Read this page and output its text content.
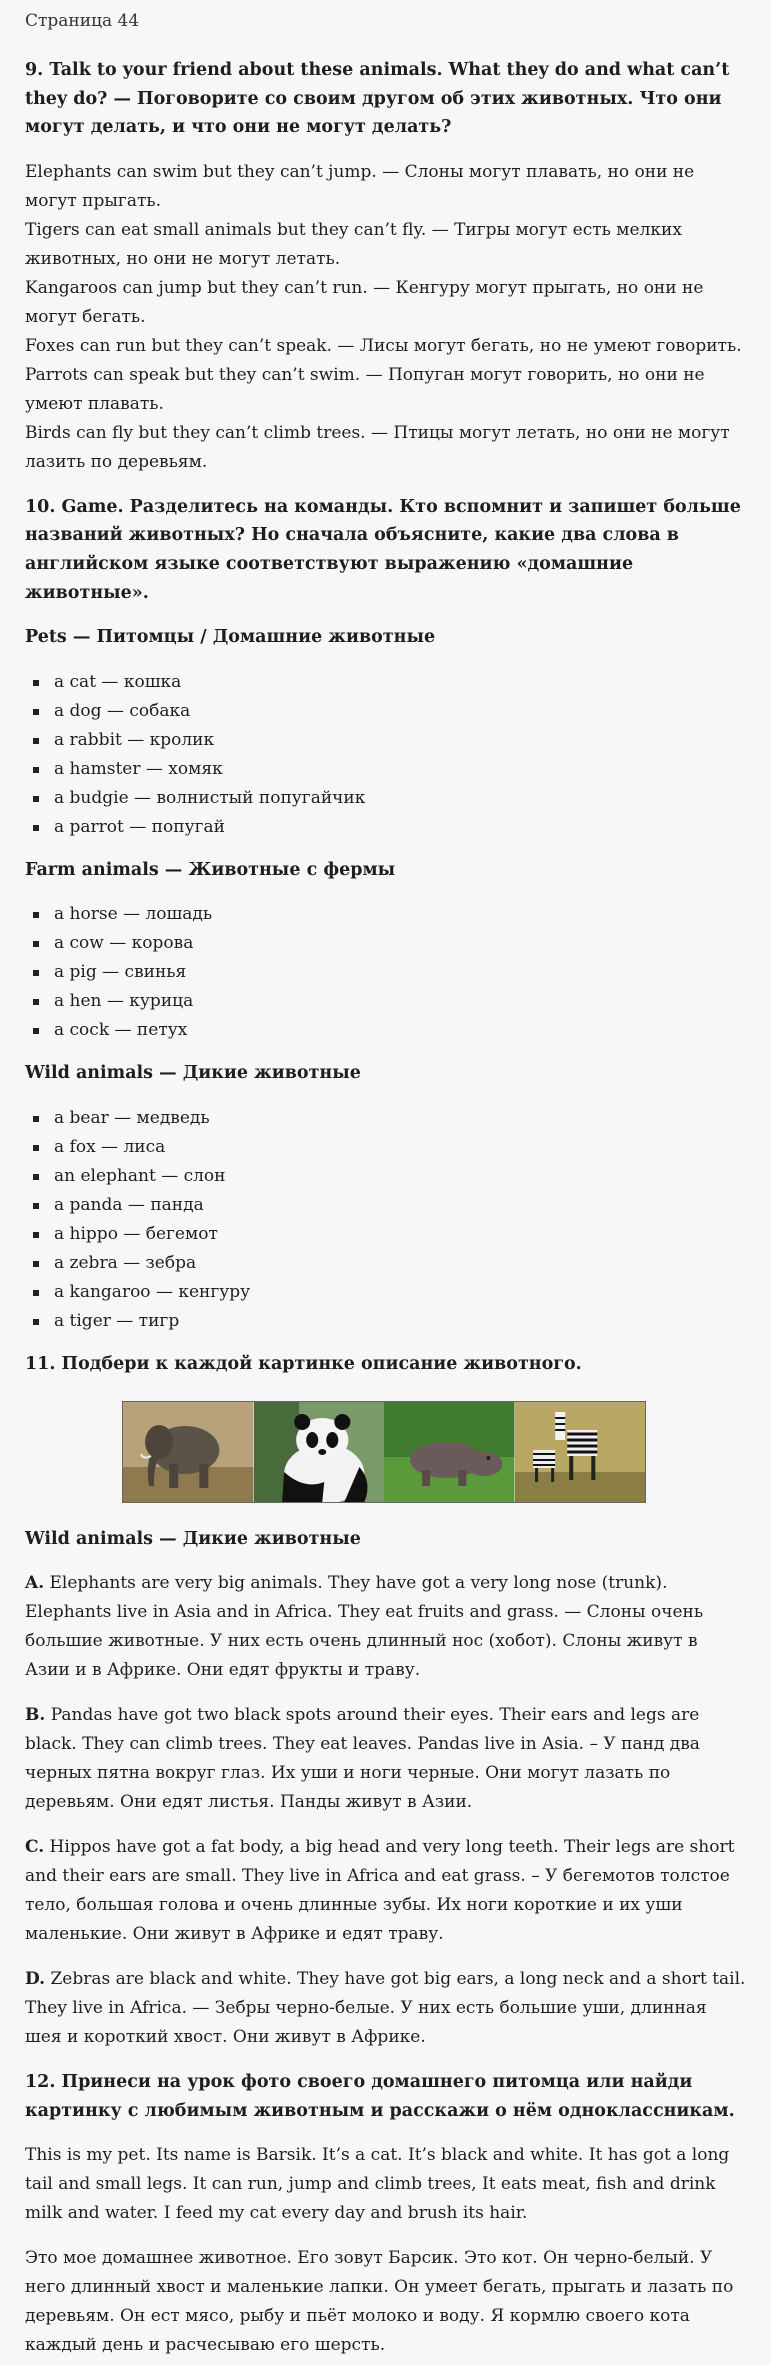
Страница 44
9. Talk to your friend about these animals. What they do and what can’t they do? — Поговорите со своим другом об этих животных. Что они могут делать, и что они не могут делать?

Elephants can swim but they can’t jump. — Слоны могут плавать, но они не могут прыгать.
Tigers can eat small animals but they can’t fly. — Тигры могут есть мелких животных, но они не могут летать.
Kangaroos can jump but they can’t run. — Кенгуру могут прыгать, но они не могут бегать.
Foxes can run but they can’t speak. — Лисы могут бегать, но не умеют говорить.
Parrots can speak but they can’t swim. — Попуган могут говорить, но они не умеют плавать.
Birds can fly but they can’t climb trees. — Птицы могут летать, но они не могут лазить по деревьям.

10. Game. Разделитесь на команды. Кто вспомнит и запишет больше названий животных? Но сначала объясните, какие два слова в английском языке соответствуют выражению «домашние животные».
Pets — Питомцы / Домашние животные
a cat — кошка
a dog — собака
a rabbit — кролик
a hamster — хомяк
a budgie — волнистый попугайчик
a parrot — попугай
Farm animals — Животные с фермы
a horse — лошадь
a cow — корова
a pig — свинья
a hen — курица
a cock — петух
Wild animals — Дикие животные
a bear — медведь
a fox — лиса
an elephant — слон
a panda — панда
a hippo — бегемот
a zebra — зебра
a kangaroo — кенгуру
a tiger — тигр
11. Подбери к каждой картинке описание животного.
Wild animals — Дикие животные

A. Elephants are very big animals. They have got a very long nose (trunk). Elephants live in Asia and in Africa. They eat fruits and grass. — Слоны очень большие животные. У них есть очень длинный нос (хобот). Слоны живут в Азии и в Африке. Они едят фрукты и траву.

B. Pandas have got two black spots around their eyes. Their ears and legs are black. They can climb trees. They eat leaves. Pandas live in Asia. – У панд два черных пятна вокруг глаз. Их уши и ноги черные. Они могут лазать по деревьям. Они едят листья. Панды живут в Азии.

C. Hippos have got a fat body, a big head and very long teeth. Their legs are short and their ears are small. They live in Africa and eat grass. – У бегемотов толстое тело, большая голова и очень длинные зубы. Их ноги короткие и их уши маленькие. Они живут в Африке и едят траву.

D. Zebras are black and white. They have got big ears, a long neck and a short tail. They live in Africa. — Зебры черно-белые. У них есть большие уши, длинная шея и короткий хвост. Они живут в Африке.

12. Принеси на урок фото своего домашнего питомца или найди картинку с любимым животным и расскажи о нём одноклассникам.

This is my pet. Its name is Barsik. It’s a cat. It’s black and white. It has got a long tail and small legs. It can run, jump and climb trees, It eats meat, fish and drink milk and water. I feed my cat every day and brush its hair.

Это мое домашнее животное. Его зовут Барсик. Это кот. Он черно-белый. У него длинный хвост и маленькие лапки. Он умеет бегать, прыгать и лазать по деревьям. Он ест мясо, рыбу и пьёт молоко и воду. Я кормлю своего кота каждый день и расчесываю его шерсть.
